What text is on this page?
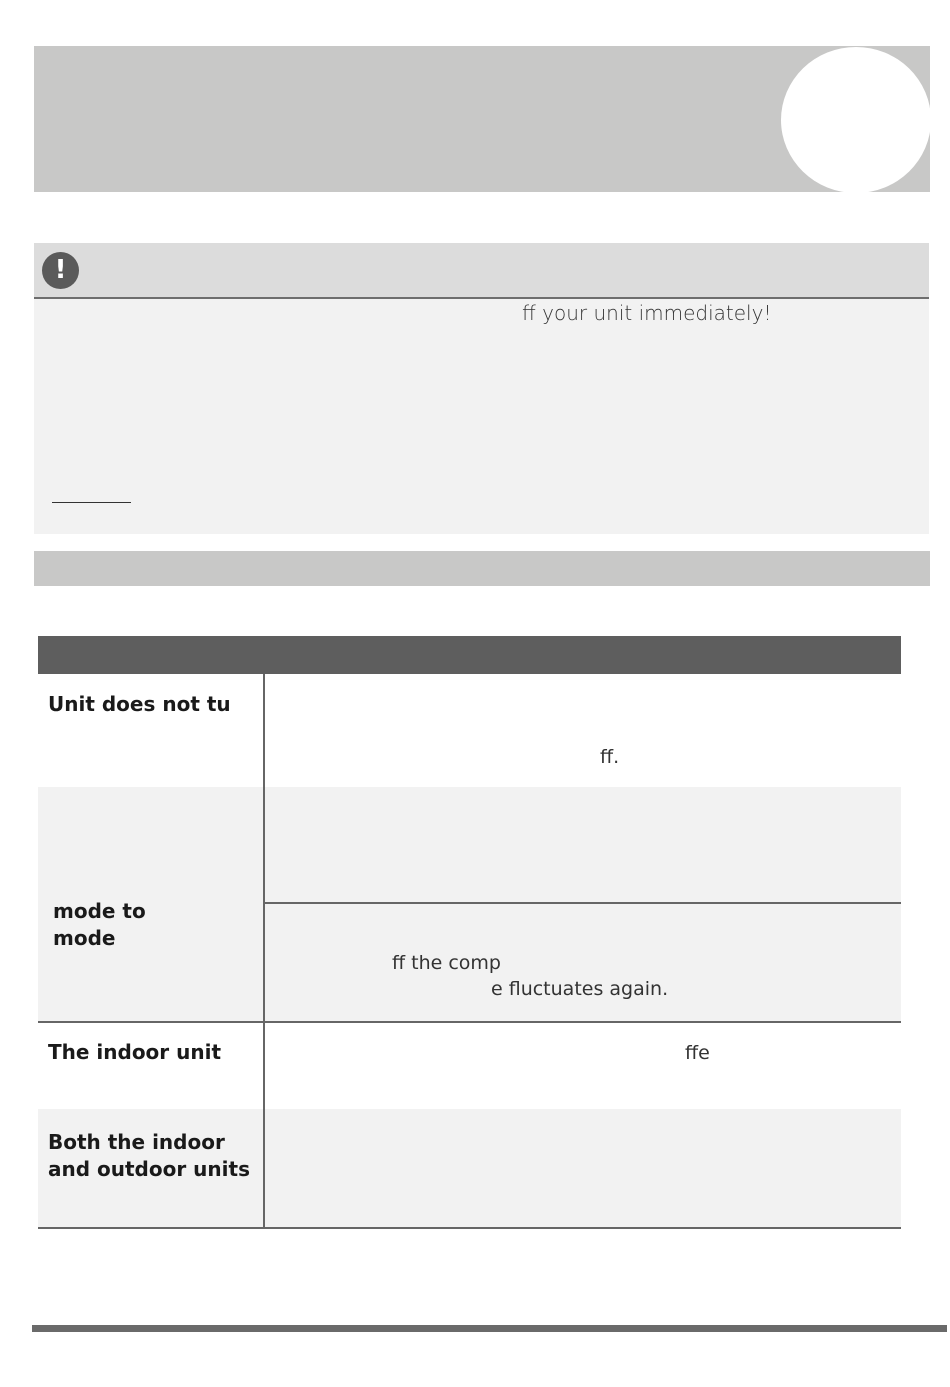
!
ff your unit immediately!
Unit does not tu
ff.
mode to
mode
ff the comp
e fluctuates again.
The indoor unit	ffe
Both the indoor
and outdoor units
